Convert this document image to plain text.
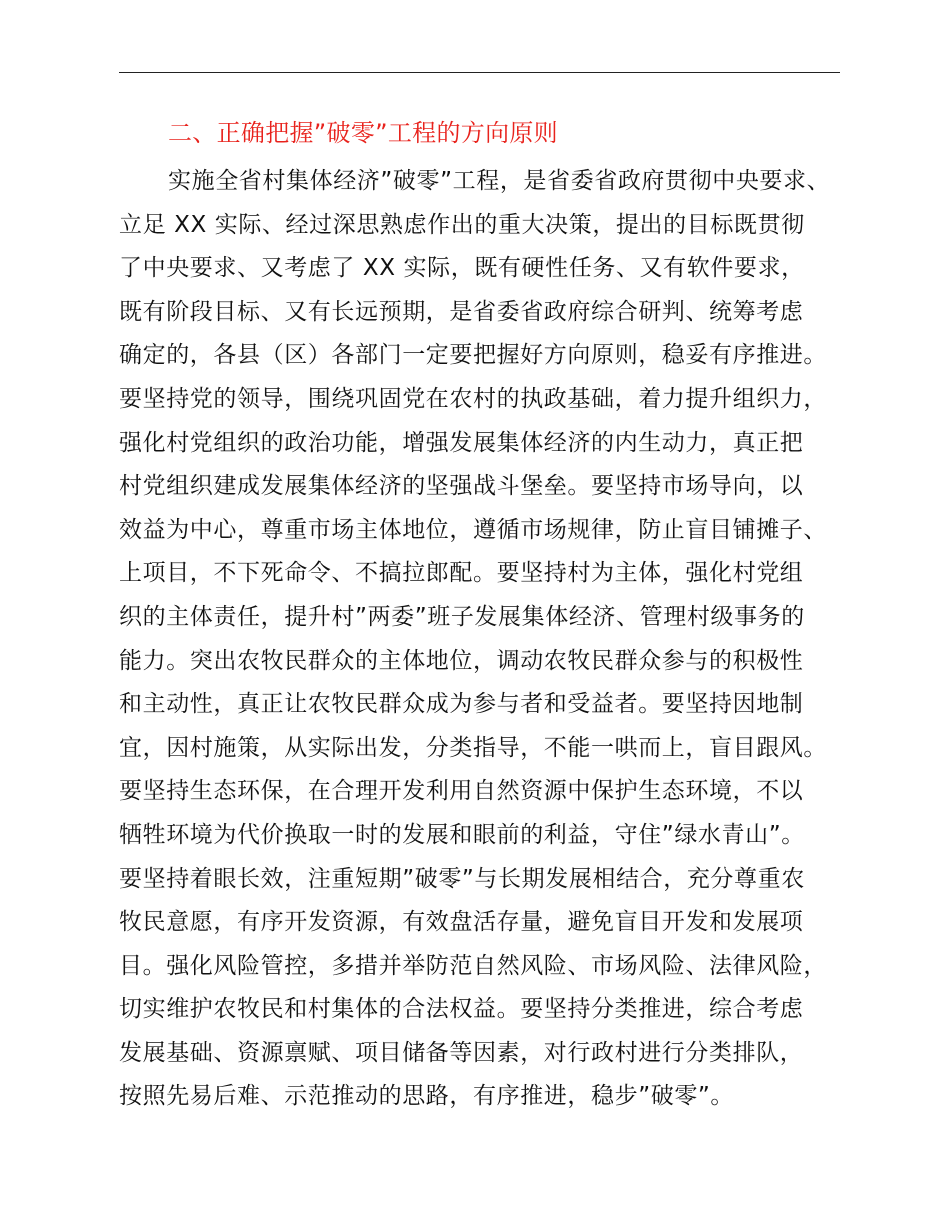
二、正确把握”破零”工程的方向原则
实施全省村集体经济”破零”工程，是省委省政府贯彻中央要求、
立足 XX 实际、经过深思熟虑作出的重大决策，提出的目标既贯彻
了中央要求、又考虑了 XX 实际，既有硬性任务、又有软件要求，
既有阶段目标、又有长远预期，是省委省政府综合研判、统筹考虑
确定的，各县（区）各部门一定要把握好方向原则，稳妥有序推进。
要坚持党的领导，围绕巩固党在农村的执政基础，着力提升组织力，
强化村党组织的政治功能，增强发展集体经济的内生动力，真正把
村党组织建成发展集体经济的坚强战斗堡垒。要坚持市场导向，以
效益为中心，尊重市场主体地位，遵循市场规律，防止盲目铺摊子、
上项目，不下死命令、不搞拉郎配。要坚持村为主体，强化村党组
织的主体责任，提升村”两委”班子发展集体经济、管理村级事务的
能力。突出农牧民群众的主体地位，调动农牧民群众参与的积极性
和主动性，真正让农牧民群众成为参与者和受益者。要坚持因地制
宜，因村施策，从实际出发，分类指导，不能一哄而上，盲目跟风。
要坚持生态环保，在合理开发利用自然资源中保护生态环境，不以
牺牲环境为代价换取一时的发展和眼前的利益，守住”绿水青山”。
要坚持着眼长效，注重短期”破零”与长期发展相结合，充分尊重农
牧民意愿，有序开发资源，有效盘活存量，避免盲目开发和发展项
目。强化风险管控，多措并举防范自然风险、市场风险、法律风险，
切实维护农牧民和村集体的合法权益。要坚持分类推进，综合考虑
发展基础、资源禀赋、项目储备等因素，对行政村进行分类排队，
按照先易后难、示范推动的思路，有序推进，稳步”破零”。
